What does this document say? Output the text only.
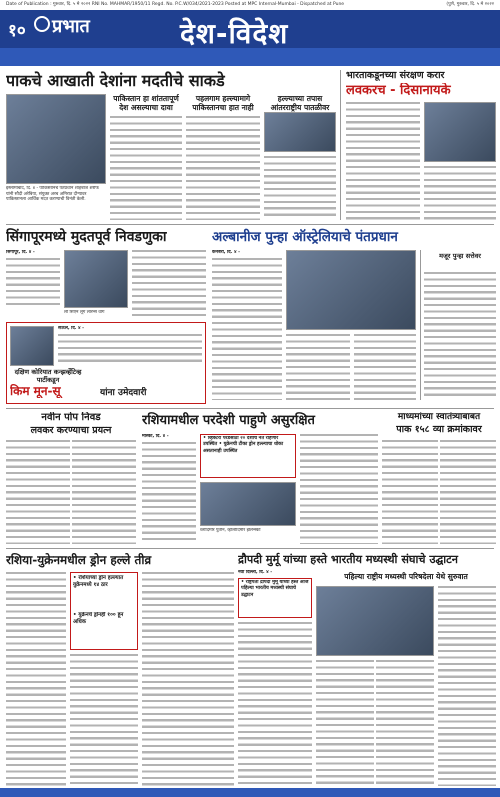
Date of Publication : गुरुवार, दि. ५ मे २०२२ RNI No. MAHMAR/1950/11 Regd. No. P.C.W/034/2021-2023 Posted at MPC Internal-Mumbai - Dispatched at Pune	(पुणे, गुरुवार, दि. ५ मे २०२२
१० प्रभात	देश-विदेश
पाकचे आखाती देशांना मदतीचे साकडे
इस्लामाबाद, दि. ४ - पाकिस्तानचे पंतप्रधान शाहबाज शरीफ यांनी सौदी अरेबिया, संयुक्त अरब अमिरात दौऱ्यावर पाकिस्तानला आर्थिक मदत करण्याची विनंती केली.
पाकिस्तान हा शांततापूर्ण देश असल्याचा दावा
पहलगाम हल्ल्यामागे पाकिस्तानचा हात नाही
हल्ल्याच्या तपास आंतरराष्ट्रीय पातळीवर
भारताकडूनच्या संरक्षण करार
लवकरच - दिसानायके
सिंगापूरमध्ये मुदतपूर्व निवडणुका
सिंगापूर, दि. ४ -
ली सिएन लूंग लॉरेन्स वोंग
सेऊल, दि. ४ -
दक्षिण कोरियात कन्झर्व्हेटिव्ह पार्टीकडून
किम मून-सू	यांना उमेदवारी
अल्बानीज पुन्हा ऑस्ट्रेलियाचे पंतप्रधान
कॅनबेरा, दि. ४ -	मजूर पुन्हा सत्तेवर
नवीन पोप निवड
लवकर करण्याचा प्रयत्न
रशियामधील परदेशी पाहुणे असुरक्षित
मॉस्को, दि. ४ -	• व्हिक्टरी परेडसाठी २० देशांचे नेते राहणार उपस्थित • युक्रेनची टीका ड्रोन हल्ल्याचा धोका असतानाही उपस्थित
व्लादिमीर पुतीन, व्होलोदिमीर झेलेन्स्की
माध्यमांच्या स्वातंत्र्याबाबत
पाक १५८ व्या क्रमांकावर
रशिया-युक्रेनमधील ड्रोन हल्ले तीव्र
• रशियाच्या ड्रोन हल्ल्यात युक्रेनमध्ये १४ ठार
• युक्रेनचे ड्रोनही १०० हून अधिक
द्रौपदी मुर्मू यांच्या हस्ते भारतीय मध्यस्थी संघाचे उद्घाटन
नवी दिल्ली, दि. ४ -
• राष्ट्रपती द्रौपदी मुर्मू यांच्या हस्ते आज पहिल्या भारतीय मध्यस्थी संघाचे उद्घाटन
पहिल्या राष्ट्रीय मध्यस्थी परिषदेला येथे सुरुवात
